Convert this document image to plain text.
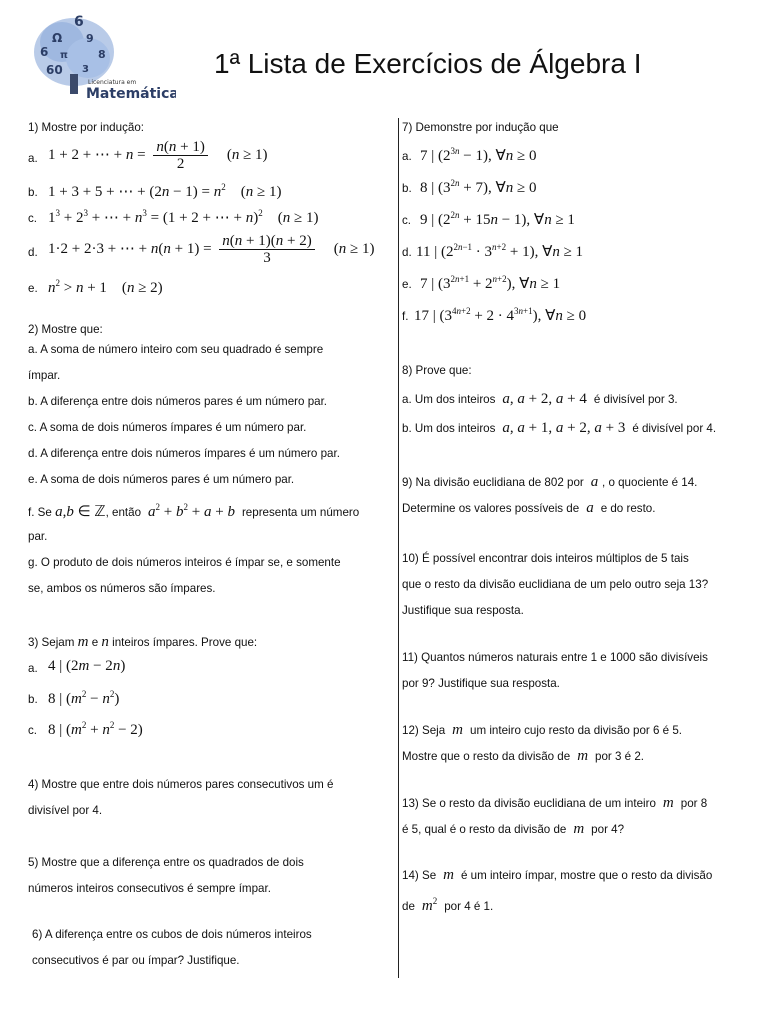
6
Ω 9
6 π	8
60 3
Licenciatura em
Matemática
1ª Lista de Exercícios de Álgebra I
1) Mostre por indução:
a. 1 + 2 + ⋯ + $n = \frac{n(n + 1)}{2} (n \ge 1)$
b. 1 + 3 + 5 + ⋯ + $(2n - 1) = n^2$    (n ≥ 1)
c. $1^3 + 2^3$ + ⋯ + $n^3 = (1 + 2$ + ⋯ + n)$^2$    (n ≥ 1)
d. 1·2 + 2·3 + ⋯ + $n(n + 1) = \frac{n(n + 1)(n + 2)}{3} (n \ge 1)$
e. $n^2 > n + 1$    (n ≥ 2)
2) Mostre que:
a. A soma de número inteiro com seu quadrado é sempre
ímpar.
b. A diferença entre dois números pares é um número par.
c. A soma de dois números ímpares é um número par.
d. A diferença entre dois números ímpares é um número par.
e. A soma de dois números pares é um número par.
f. Se a,b ∈ ℤ, então $a^2 + b^2 + a + b$ representa um número
par.
g. O produto de dois números inteiros é ímpar se, e somente
se, ambos os números são ímpares.
3) Sejam m e n inteiros ímpares. Prove que:
a. 4 | (2m − 2n)
b. 8 | $(m^2 - n^2)$
c. 8 | $(m^2 + n^2 - 2)$
4) Mostre que entre dois números pares consecutivos um é
divisível por 4.
5) Mostre que a diferença entre os quadrados de dois
números inteiros consecutivos é sempre ímpar.
6) A diferença entre os cubos de dois números inteiros
consecutivos é par ou ímpar? Justifique.
7) Demonstre por indução que
a. 7 | $(2^{3n} - 1)$, ∀n ≥ 0
b. 8 | $(3^{2n} + 7)$, ∀n ≥ 0
c. 9 | $(2^{2n} + 15n - 1)$, ∀n ≥ 1
d. 11 | $(2^{2n-1} \cdot 3^{n+2} + 1)$, ∀n ≥ 1
e. 7 | $(3^{2n+1} + 2^{n+2})$, ∀n ≥ 1
f. 17 | $(3^{4n+2} + 2 \cdot 4^{3n+1})$, ∀n ≥ 0
8) Prove que:
a. Um dos inteiros a, a + 2, a + 4  é divisível por 3.
b. Um dos inteiros a, a + 1, a + 2, a + 3  é divisível por 4.
9) Na divisão euclidiana de 802 por  a , o quociente é 14.
Determine os valores possíveis de  a  e do resto.
10) É possível encontrar dois inteiros múltiplos de 5 tais
que o resto da divisão euclidiana de um pelo outro seja 13?
Justifique sua resposta.
11) Quantos números naturais entre 1 e 1000 são divisíveis
por 9? Justifique sua resposta.
12) Seja  m  um inteiro cujo resto da divisão por 6 é 5.
Mostre que o resto da divisão de  m  por 3 é 2.
13) Se o resto da divisão euclidiana de um inteiro  m  por 8
é 5, qual é o resto da divisão de  m  por 4?
14) Se  m  é um inteiro ímpar, mostre que o resto da divisão
de $m^2$ por 4 é 1.
